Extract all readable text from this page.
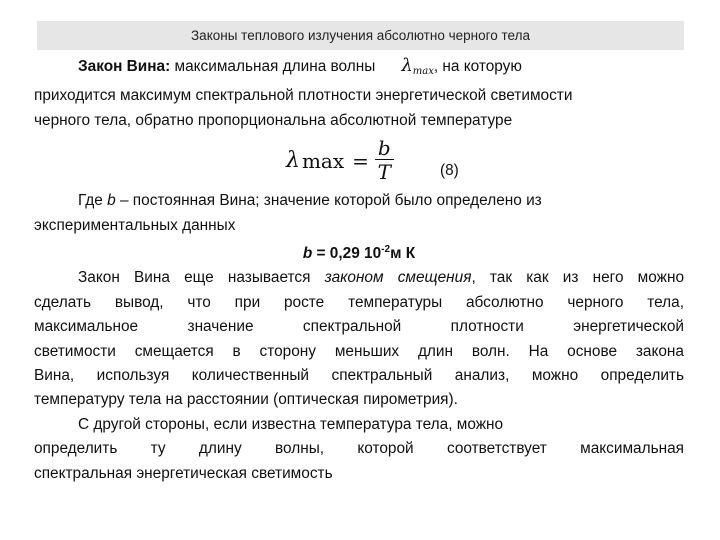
Законы теплового излучения абсолютно черного тела
Закон Вина: максимальная длина волны $\lambda_{max}$, на которую
приходится максимум спектральной плотности энергетической светимости
черного тела, обратно пропорциональна абсолютной температуре
λ $\max = \frac{b}{T}$	(8)
Где b – постоянная Вина; значение которой было определено из
экспериментальных данных
b = 0,29 $10^{-2}м$ К
Закон Вина еще называется законом смещения, так как из него можно
сделать вывод, что при росте температуры абсолютно черного тела,
максимальное значение спектральной плотности энергетической
светимости смещается в сторону меньших длин волн. На основе закона
Вина, используя количественный спектральный анализ, можно определить
температуру тела на расстоянии (оптическая пирометрия).
С другой стороны, если известна температура тела, можно
определить ту длину волны, которой соответствует максимальная
спектральная энергетическая светимость
